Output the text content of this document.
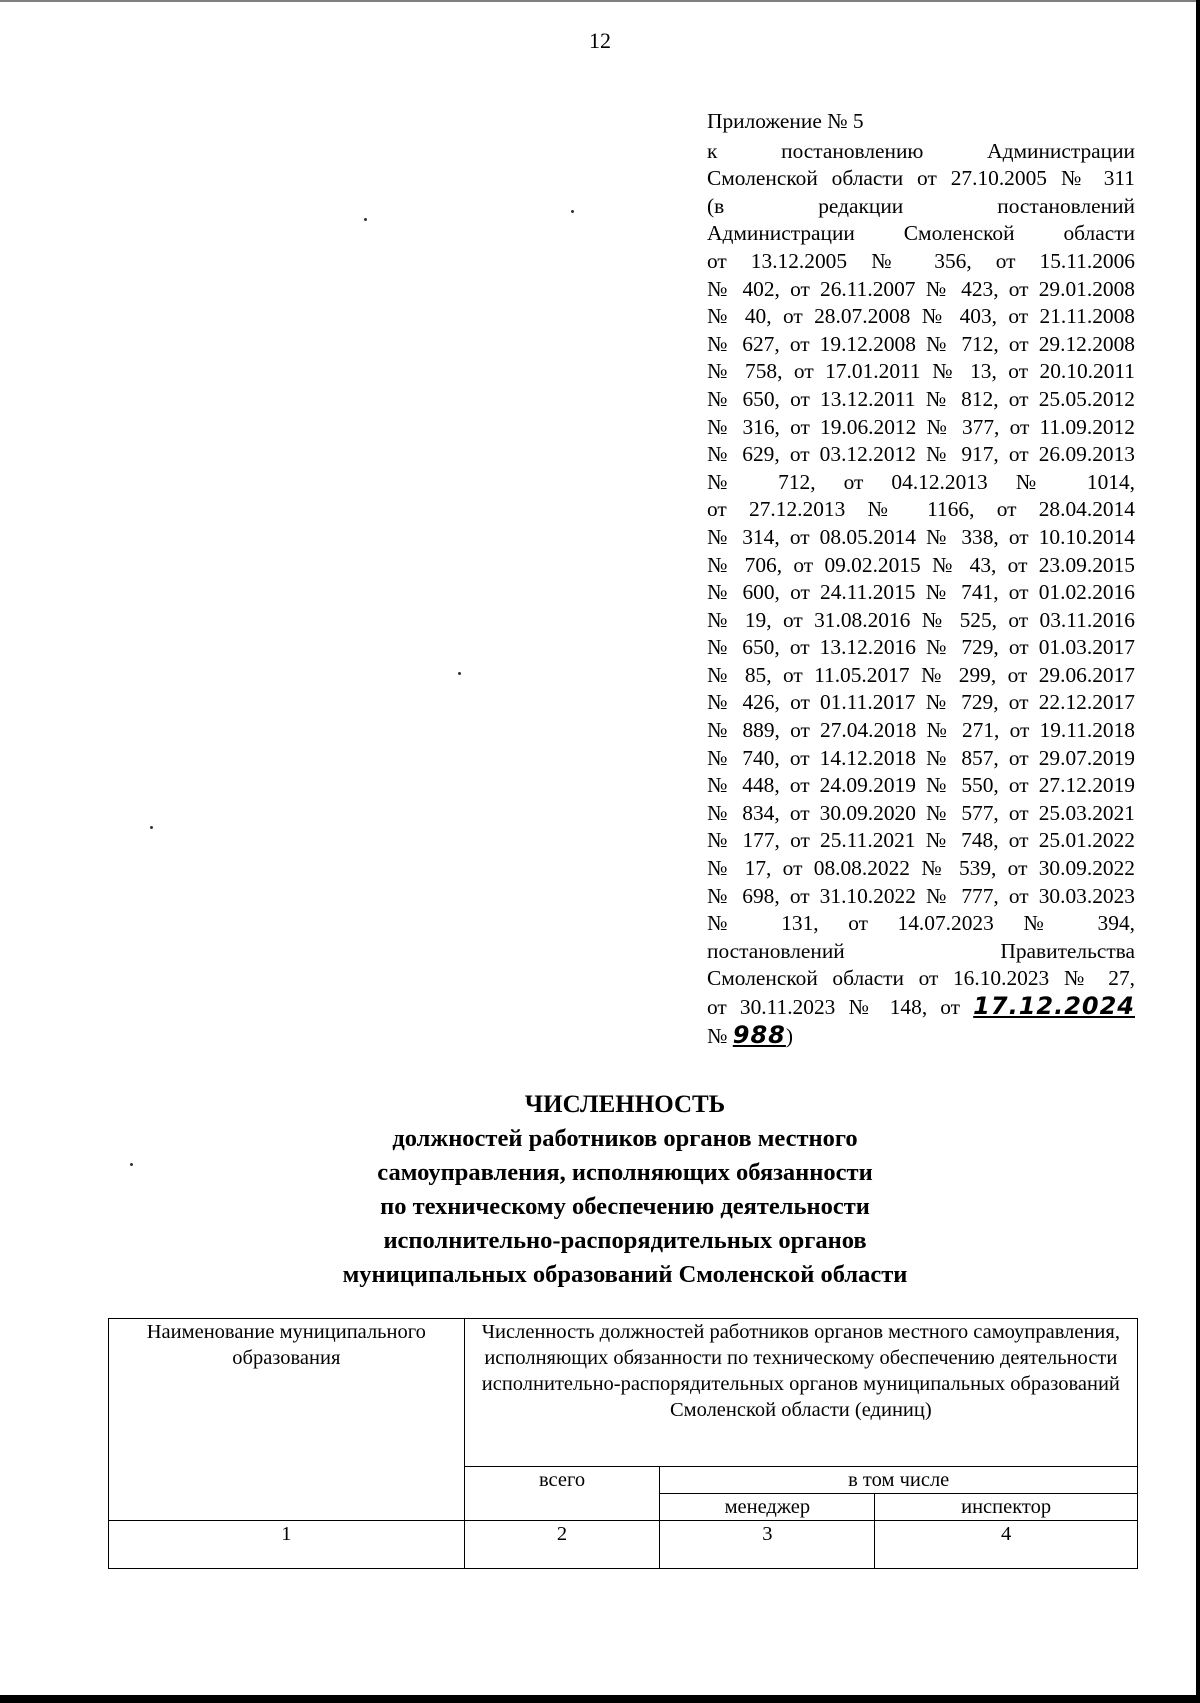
12
Приложение № 5
к постановлению Администрации
Смоленской области от 27.10.2005 № 311
(в редакции постановлений
Администрации Смоленской области
от 13.12.2005 № 356, от 15.11.2006
№ 402, от 26.11.2007 № 423, от 29.01.2008
№ 40, от 28.07.2008 № 403, от 21.11.2008
№ 627, от 19.12.2008 № 712, от 29.12.2008
№ 758, от 17.01.2011 № 13, от 20.10.2011
№ 650, от 13.12.2011 № 812, от 25.05.2012
№ 316, от 19.06.2012 № 377, от 11.09.2012
№ 629, от 03.12.2012 № 917, от 26.09.2013
№ 712, от 04.12.2013 № 1014,
от 27.12.2013 № 1166, от 28.04.2014
№ 314, от 08.05.2014 № 338, от 10.10.2014
№ 706, от 09.02.2015 № 43, от 23.09.2015
№ 600, от 24.11.2015 № 741, от 01.02.2016
№ 19, от 31.08.2016 № 525, от 03.11.2016
№ 650, от 13.12.2016 № 729, от 01.03.2017
№ 85, от 11.05.2017 № 299, от 29.06.2017
№ 426, от 01.11.2017 № 729, от 22.12.2017
№ 889, от 27.04.2018 № 271, от 19.11.2018
№ 740, от 14.12.2018 № 857, от 29.07.2019
№ 448, от 24.09.2019 № 550, от 27.12.2019
№ 834, от 30.09.2020 № 577, от 25.03.2021
№ 177, от 25.11.2021 № 748, от 25.01.2022
№ 17, от 08.08.2022 № 539, от 30.09.2022
№ 698, от 31.10.2022 № 777, от 30.03.2023
№ 131, от 14.07.2023 № 394,
постановлений Правительства
Смоленской области от 16.10.2023 № 27,
от 30.11.2023 № 148, от 17.12.2024
№ 988)
ЧИСЛЕННОСТЬ
должностей работников органов местного
самоуправления, исполняющих обязанности
по техническому обеспечению деятельности
исполнительно-распорядительных органов
муниципальных образований Смоленской области
Наименование муниципального образования	Численность должностей работников органов местного самоуправления, исполняющих обязанности по техническому обеспечению деятельности исполнительно-распорядительных органов муниципальных образований Смоленской области (единиц)		
	всего	в том числе	
		менеджер	инспектор
1	2	3	4
